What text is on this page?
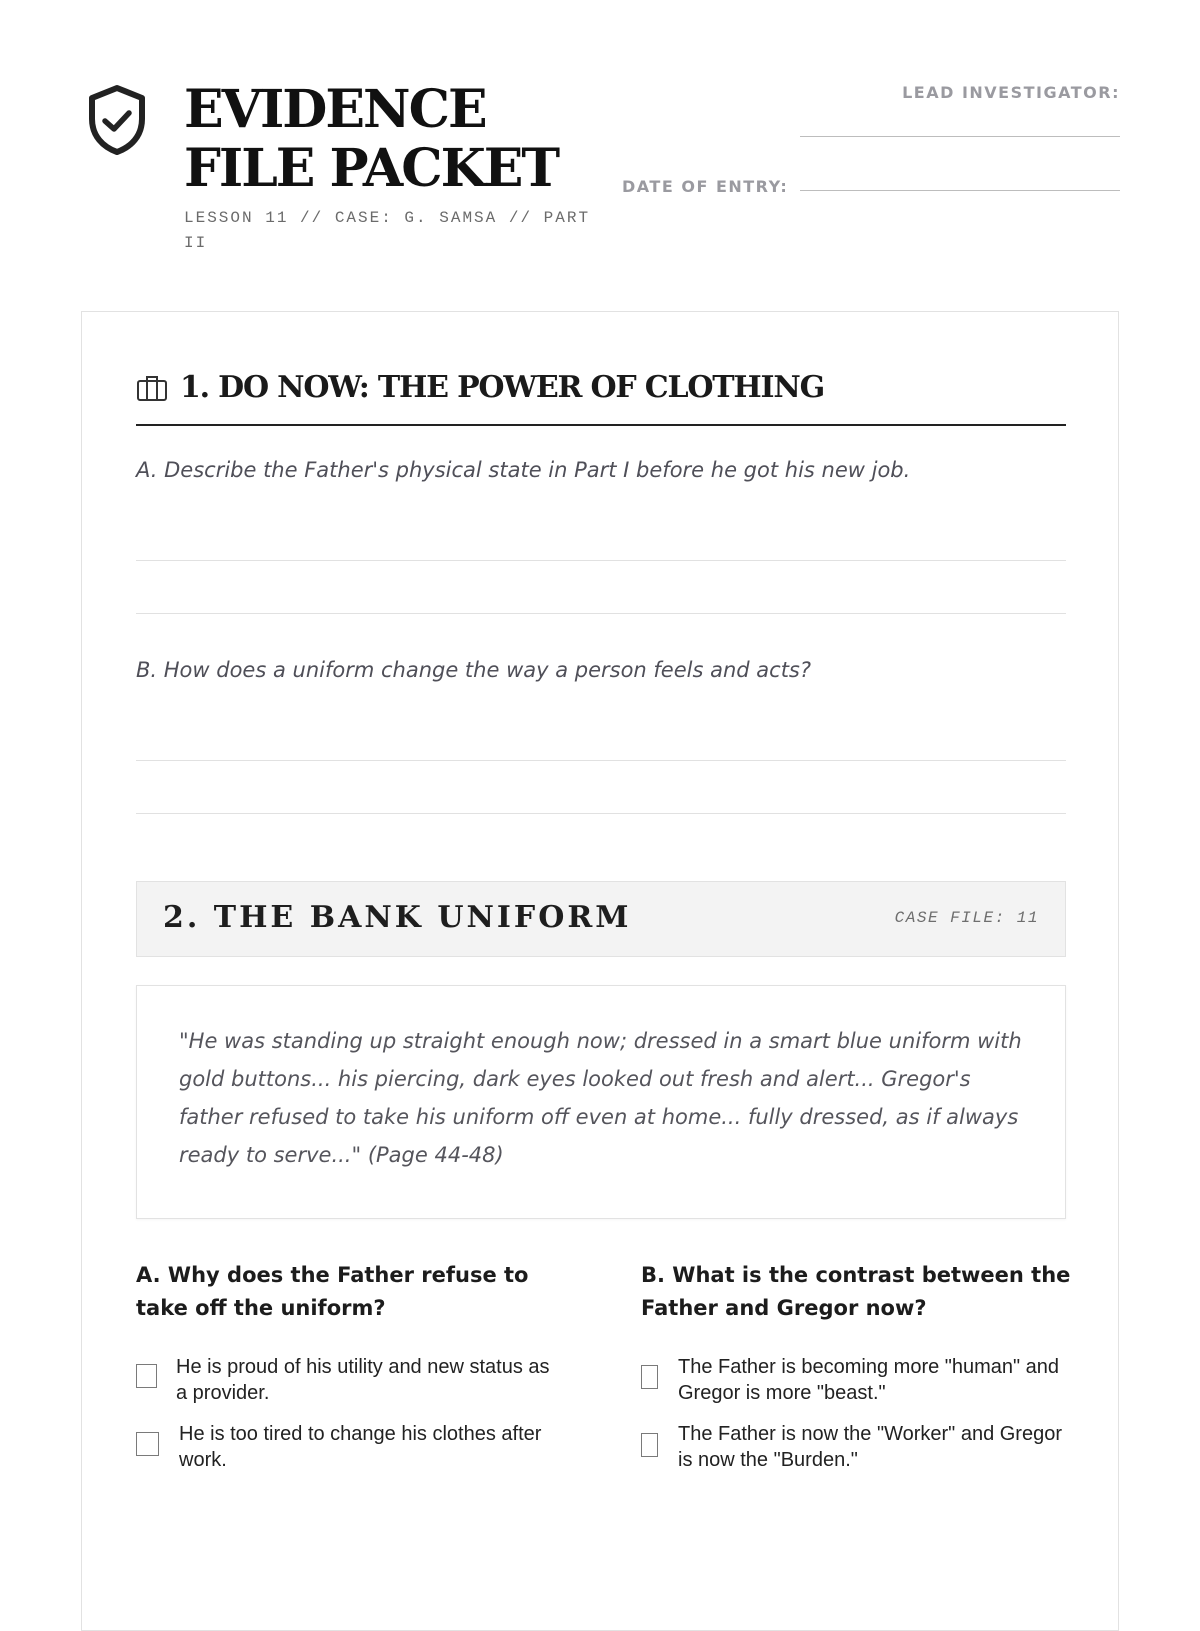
EVIDENCE FILE PACKET
LESSON 11 // CASE: G. SAMSA // PART II
LEAD INVESTIGATOR:
DATE OF ENTRY:
1. DO NOW: THE POWER OF CLOTHING
A. Describe the Father's physical state in Part I before he got his new job.
B. How does a uniform change the way a person feels and acts?
2. THE BANK UNIFORM	CASE FILE: 11
"He was standing up straight enough now; dressed in a smart blue uniform with gold buttons... his piercing, dark eyes looked out fresh and alert... Gregor's father refused to take his uniform off even at home... fully dressed, as if always ready to serve..." (Page 44-48)
A. Why does the Father refuse to take off the uniform?
B. What is the contrast between the Father and Gregor now?
He is proud of his utility and new status as a provider.
He is too tired to change his clothes after work.
The Father is becoming more "human" and Gregor is more "beast."
The Father is now the "Worker" and Gregor is now the "Burden."
